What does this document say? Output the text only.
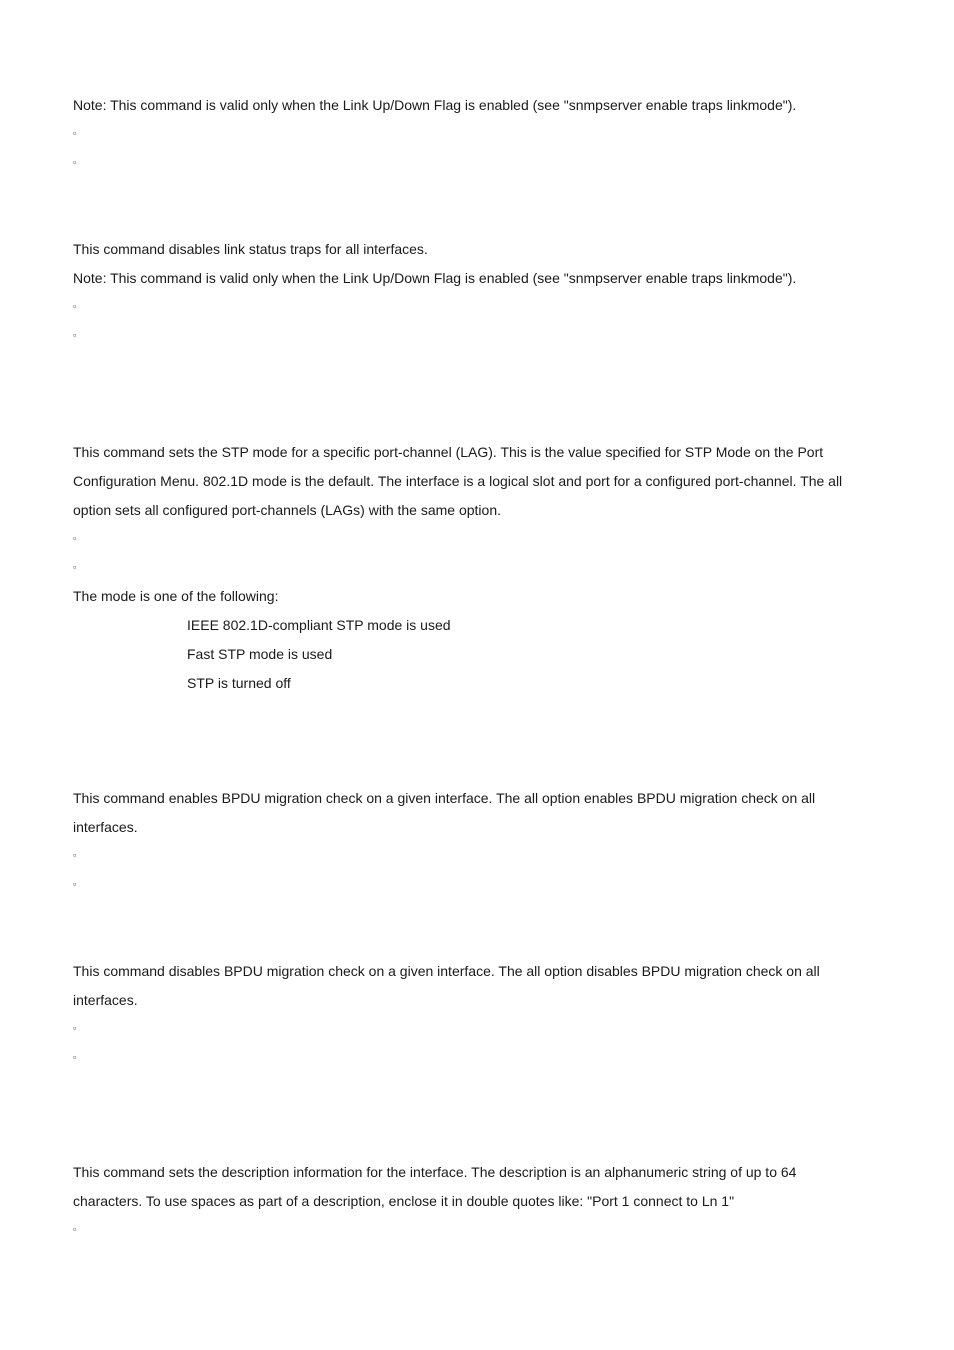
Note: This command is valid only when the Link Up/Down Flag is enabled (see "snmpserver enable traps linkmode").
▫
▫
This command disables link status traps for all interfaces.
Note: This command is valid only when the Link Up/Down Flag is enabled (see "snmpserver enable traps linkmode").
▫
▫
This command sets the STP mode for a specific port-channel (LAG). This is the value specified for STP Mode on the Port
Configuration Menu. 802.1D mode is the default. The interface is a logical slot and port for a configured port-channel. The all
option sets all configured port-channels (LAGs) with the same option.
▫
▫
The mode is one of the following:
IEEE 802.1D-compliant STP mode is used
Fast STP mode is used
STP is turned off
This command enables BPDU migration check on a given interface. The all option enables BPDU migration check on all
interfaces.
▫
▫
This command disables BPDU migration check on a given interface. The all option disables BPDU migration check on all
interfaces.
▫
▫
This command sets the description information for the interface. The description is an alphanumeric string of up to 64
characters. To use spaces as part of a description, enclose it in double quotes like: "Port 1 connect to Ln 1"
▫
